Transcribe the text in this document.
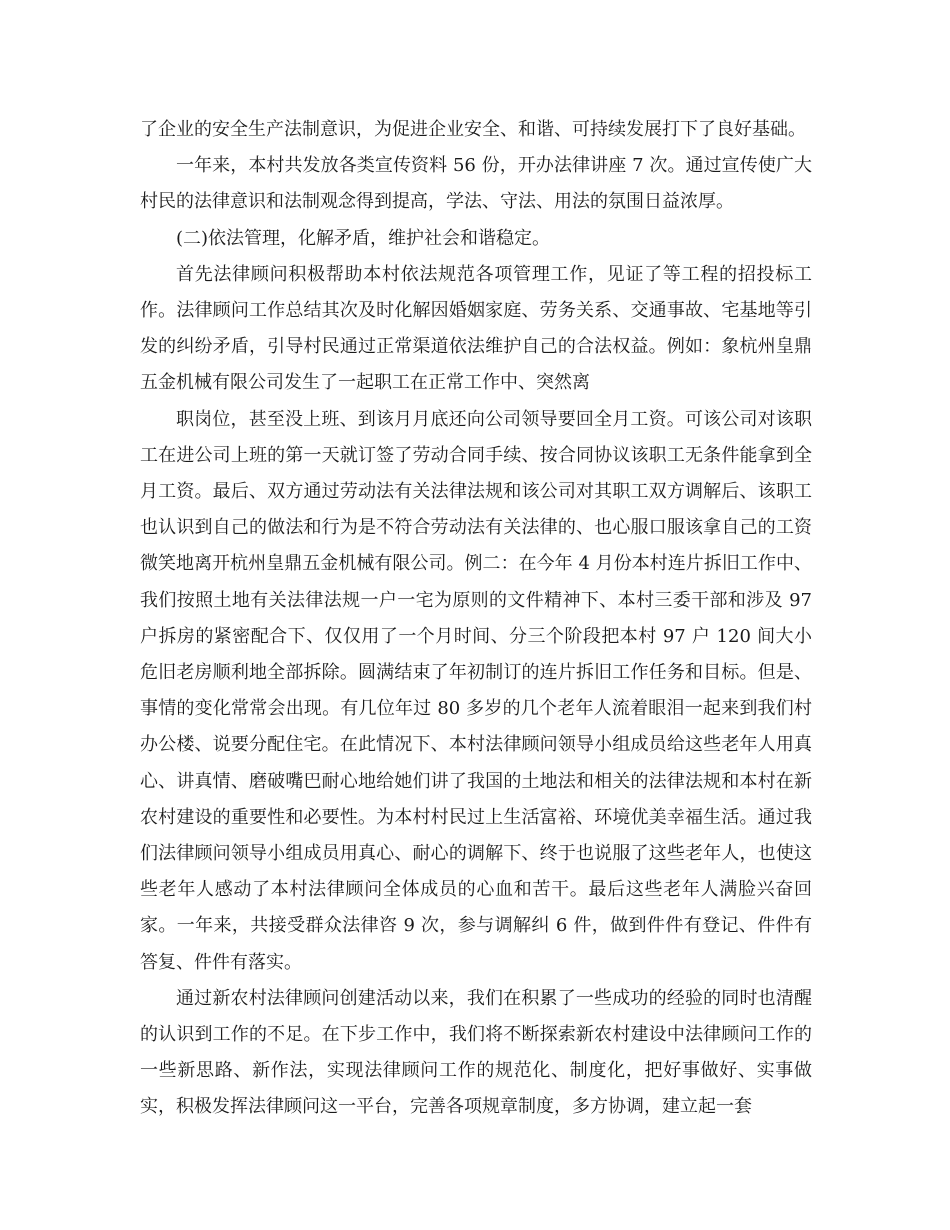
了企业的安全生产法制意识，为促进企业安全、和谐、可持续发展打下了良好基础。

一年来，本村共发放各类宣传资料 56 份，开办法律讲座 7 次。通过宣传使广大村民的法律意识和法制观念得到提高，学法、守法、用法的氛围日益浓厚。

(二)依法管理，化解矛盾，维护社会和谐稳定。

首先法律顾问积极帮助本村依法规范各项管理工作，见证了等工程的招投标工作。法律顾问工作总结其次及时化解因婚姻家庭、劳务关系、交通事故、宅基地等引发的纠纷矛盾，引导村民通过正常渠道依法维护自己的合法权益。例如：象杭州皇鼎五金机械有限公司发生了一起职工在正常工作中、突然离

职岗位，甚至没上班、到该月月底还向公司领导要回全月工资。可该公司对该职工在进公司上班的第一天就订签了劳动合同手续、按合同协议该职工无条件能拿到全月工资。最后、双方通过劳动法有关法律法规和该公司对其职工双方调解后、该职工也认识到自己的做法和行为是不符合劳动法有关法律的、也心服口服该拿自己的工资微笑地离开杭州皇鼎五金机械有限公司。例二：在今年 4 月份本村连片拆旧工作中、我们按照土地有关法律法规一户一宅为原则的文件精神下、本村三委干部和涉及 97 户拆房的紧密配合下、仅仅用了一个月时间、分三个阶段把本村 97 户 120 间大小危旧老房顺利地全部拆除。圆满结束了年初制订的连片拆旧工作任务和目标。但是、事情的变化常常会出现。有几位年过 80 多岁的几个老年人流着眼泪一起来到我们村办公楼、说要分配住宅。在此情况下、本村法律顾问领导小组成员给这些老年人用真心、讲真情、磨破嘴巴耐心地给她们讲了我国的土地法和相关的法律法规和本村在新农村建设的重要性和必要性。为本村村民过上生活富裕、环境优美幸福生活。通过我们法律顾问领导小组成员用真心、耐心的调解下、终于也说服了这些老年人，也使这些老年人感动了本村法律顾问全体成员的心血和苦干。最后这些老年人满脸兴奋回家。一年来，共接受群众法律咨 9 次，参与调解纠 6 件，做到件件有登记、件件有答复、件件有落实。

通过新农村法律顾问创建活动以来，我们在积累了一些成功的经验的同时也清醒的认识到工作的不足。在下步工作中，我们将不断探索新农村建设中法律顾问工作的一些新思路、新作法，实现法律顾问工作的规范化、制度化，把好事做好、实事做实，积极发挥法律顾问这一平台，完善各项规章制度，多方协调，建立起一套
